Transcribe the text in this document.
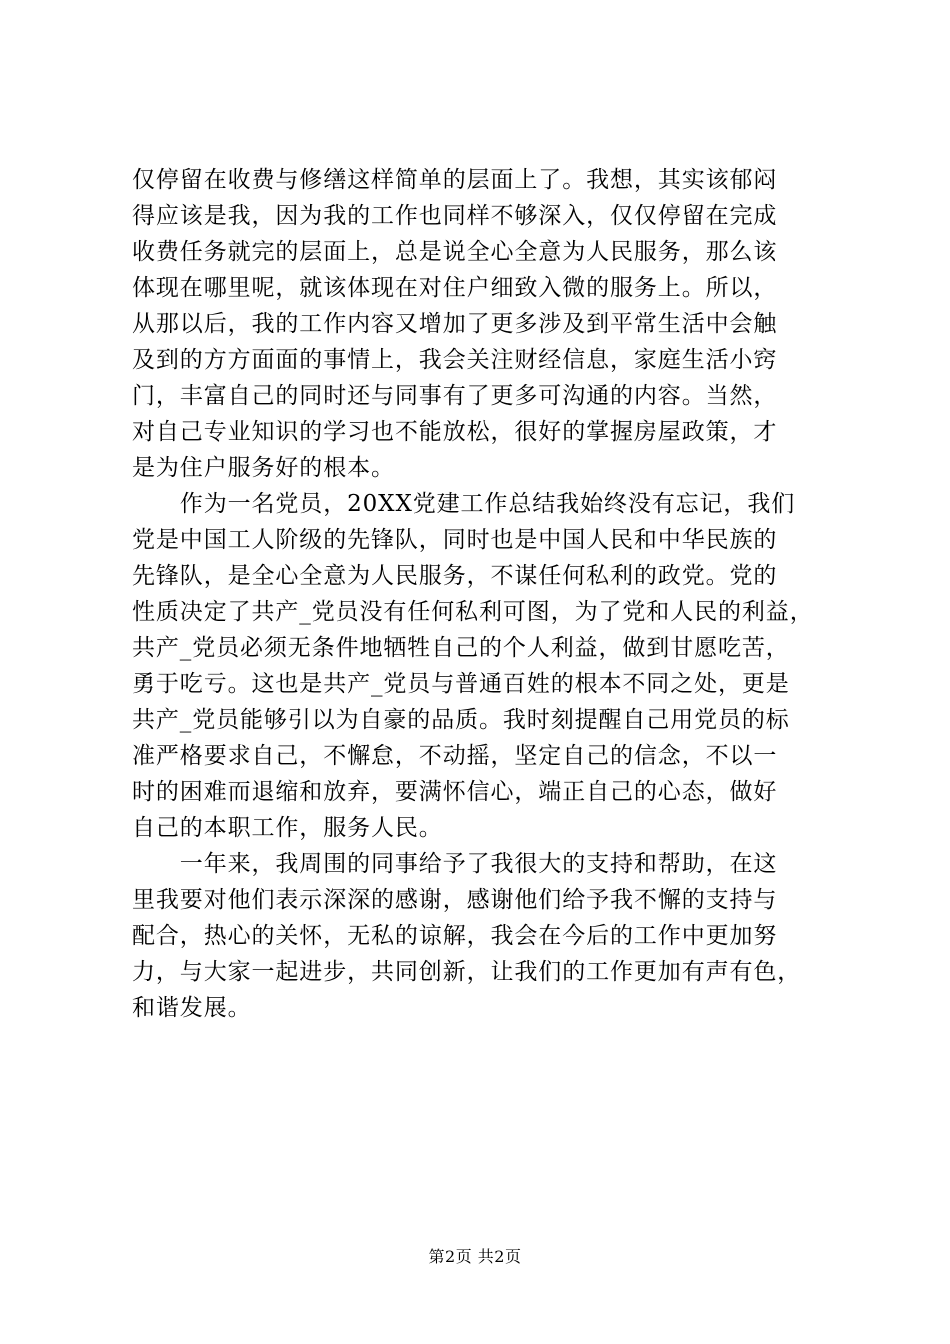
仅停留在收费与修缮这样简单的层面上了。我想，其实该郁闷
得应该是我，因为我的工作也同样不够深入，仅仅停留在完成
收费任务就完的层面上，总是说全心全意为人民服务，那么该
体现在哪里呢，就该体现在对住户细致入微的服务上。所以，
从那以后，我的工作内容又增加了更多涉及到平常生活中会触
及到的方方面面的事情上，我会关注财经信息，家庭生活小窍
门，丰富自己的同时还与同事有了更多可沟通的内容。当然，
对自己专业知识的学习也不能放松，很好的掌握房屋政策，才
是为住户服务好的根本。
　　作为一名党员，20XX党建工作总结我始终没有忘记，我们
党是中国工人阶级的先锋队，同时也是中国人民和中华民族的
先锋队，是全心全意为人民服务，不谋任何私利的政党。党的
性质决定了共产_党员没有任何私利可图，为了党和人民的利益，
共产_党员必须无条件地牺牲自己的个人利益，做到甘愿吃苦，
勇于吃亏。这也是共产_党员与普通百姓的根本不同之处，更是
共产_党员能够引以为自豪的品质。我时刻提醒自己用党员的标
准严格要求自己，不懈怠，不动摇，坚定自己的信念，不以一
时的困难而退缩和放弃，要满怀信心，端正自己的心态，做好
自己的本职工作，服务人民。
　　一年来，我周围的同事给予了我很大的支持和帮助，在这
里我要对他们表示深深的感谢，感谢他们给予我不懈的支持与
配合，热心的关怀，无私的谅解，我会在今后的工作中更加努
力，与大家一起进步，共同创新，让我们的工作更加有声有色，
和谐发展。
第2页 共2页
